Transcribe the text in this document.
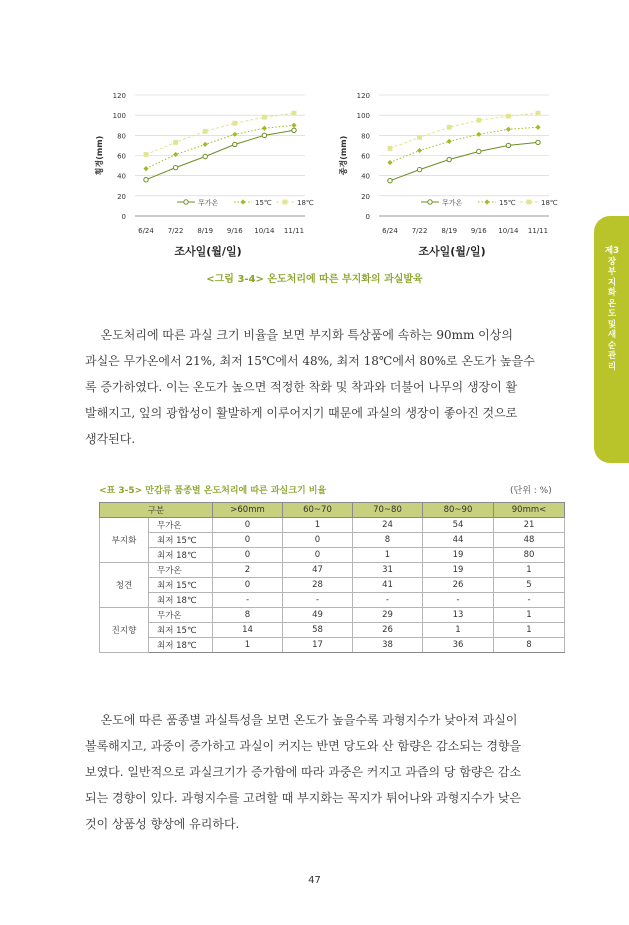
0
20
40
60
80
100
120
6/24 7/22 8/19 9/16 10/14 11/11
횡경(mm)
무가온	15℃	18℃
0
20
40
60
80
100
120
6/24 7/22 8/19 9/16 10/14 11/11
종경(mm)
무가온	15℃	18℃
조사일(월/일)	조사일(월/일)
<그림 3-4> 온도처리에 따른 부지화의 과실발육

온도처리에 따른 과실 크기 비율을 보면 부지화 특상품에 속하는 90mm 이상의
과실은 무가온에서 21%, 최저 15℃에서 48%, 최저 18℃에서 80%로 온도가 높을수
록 증가하였다. 이는 온도가 높으면 적정한 착화 및 착과와 더불어 나무의 생장이 활
발해지고, 잎의 광합성이 활발하게 이루어지기 때문에 과실의 생장이 좋아진 것으로
생각된다.

제3장 부지화 온도 및 새순 관리
<표 3-5> 만감류 품종별 온도처리에 따른 과실크기 비율	(단위 : %)
구분		>60mm	60~70	70~80	80~90	90mm<
부지화	무가온	0	1	24	54	21
	최저 15℃	0	0	8	44	48
	최저 18℃	0	0	1	19	80
청견	무가온	2	47	31	19	1
	최저 15℃	0	28	41	26	5
	최저 18℃	-	-	-	-	-
진지향	무가온	8	49	29	13	1
	최저 15℃	14	58	26	1	1
	최저 18℃	1	17	38	36	8

온도에 따른 품종별 과실특성을 보면 온도가 높을수록 과형지수가 낮아져 과실이
볼록해지고, 과중이 증가하고 과실이 커지는 반면 당도와 산 함량은 감소되는 경향을
보였다. 일반적으로 과실크기가 증가함에 따라 과중은 커지고 과즙의 당 함량은 감소
되는 경향이 있다. 과형지수를 고려할 때 부지화는 꼭지가 튀어나와 과형지수가 낮은
것이 상품성 향상에 유리하다.

47
